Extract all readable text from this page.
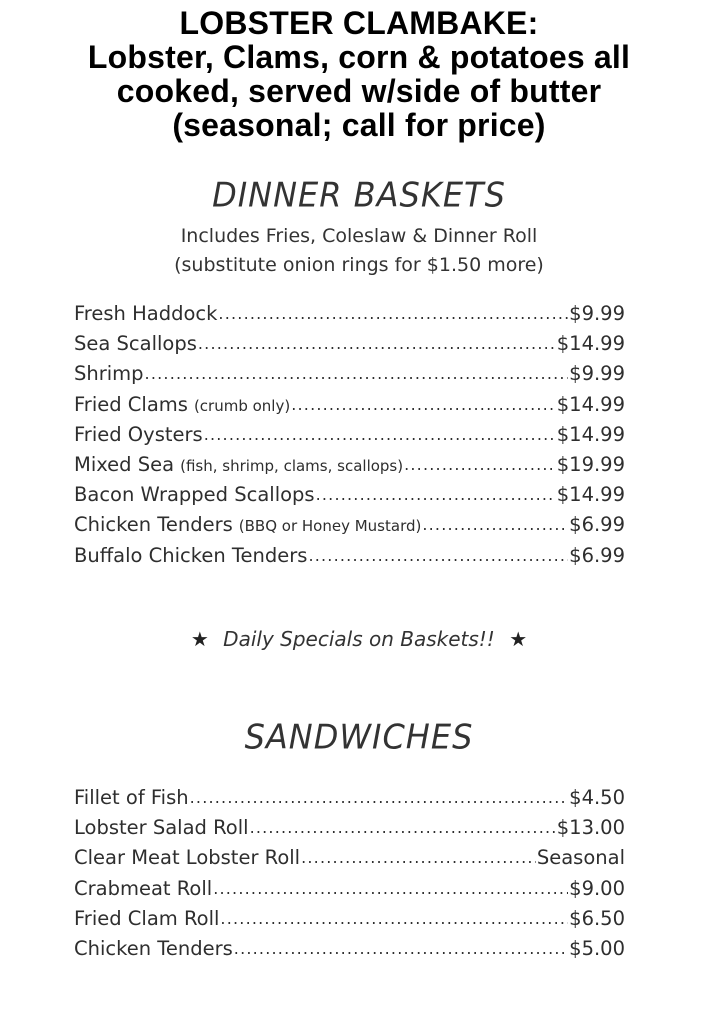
LOBSTER CLAMBAKE:
Lobster, Clams, corn & potatoes all
cooked, served w/side of butter
(seasonal; call for price)
DINNER BASKETS
Includes Fries, Coleslaw & Dinner Roll
(substitute onion rings for $1.50 more)
Fresh Haddock .....	$9.99
Sea Scallops .....	$14.99
Shrimp .....	$9.99
Fried Clams (crumb only) .....	$14.99
Fried Oysters .....	$14.99
Mixed Sea (fish, shrimp, clams, scallops) .....	$19.99
Bacon Wrapped Scallops .....	$14.99
Chicken Tenders (BBQ or Honey Mustard) .....	$6.99
Buffalo Chicken Tenders .....	$6.99
★ Daily Specials on Baskets!! ★
SANDWICHES
Fillet of Fish .....	$4.50
Lobster Salad Roll .....	$13.00
Clear Meat Lobster Roll .....	Seasonal
Crabmeat Roll .....	$9.00
Fried Clam Roll .....	$6.50
Chicken Tenders .....	$5.00
